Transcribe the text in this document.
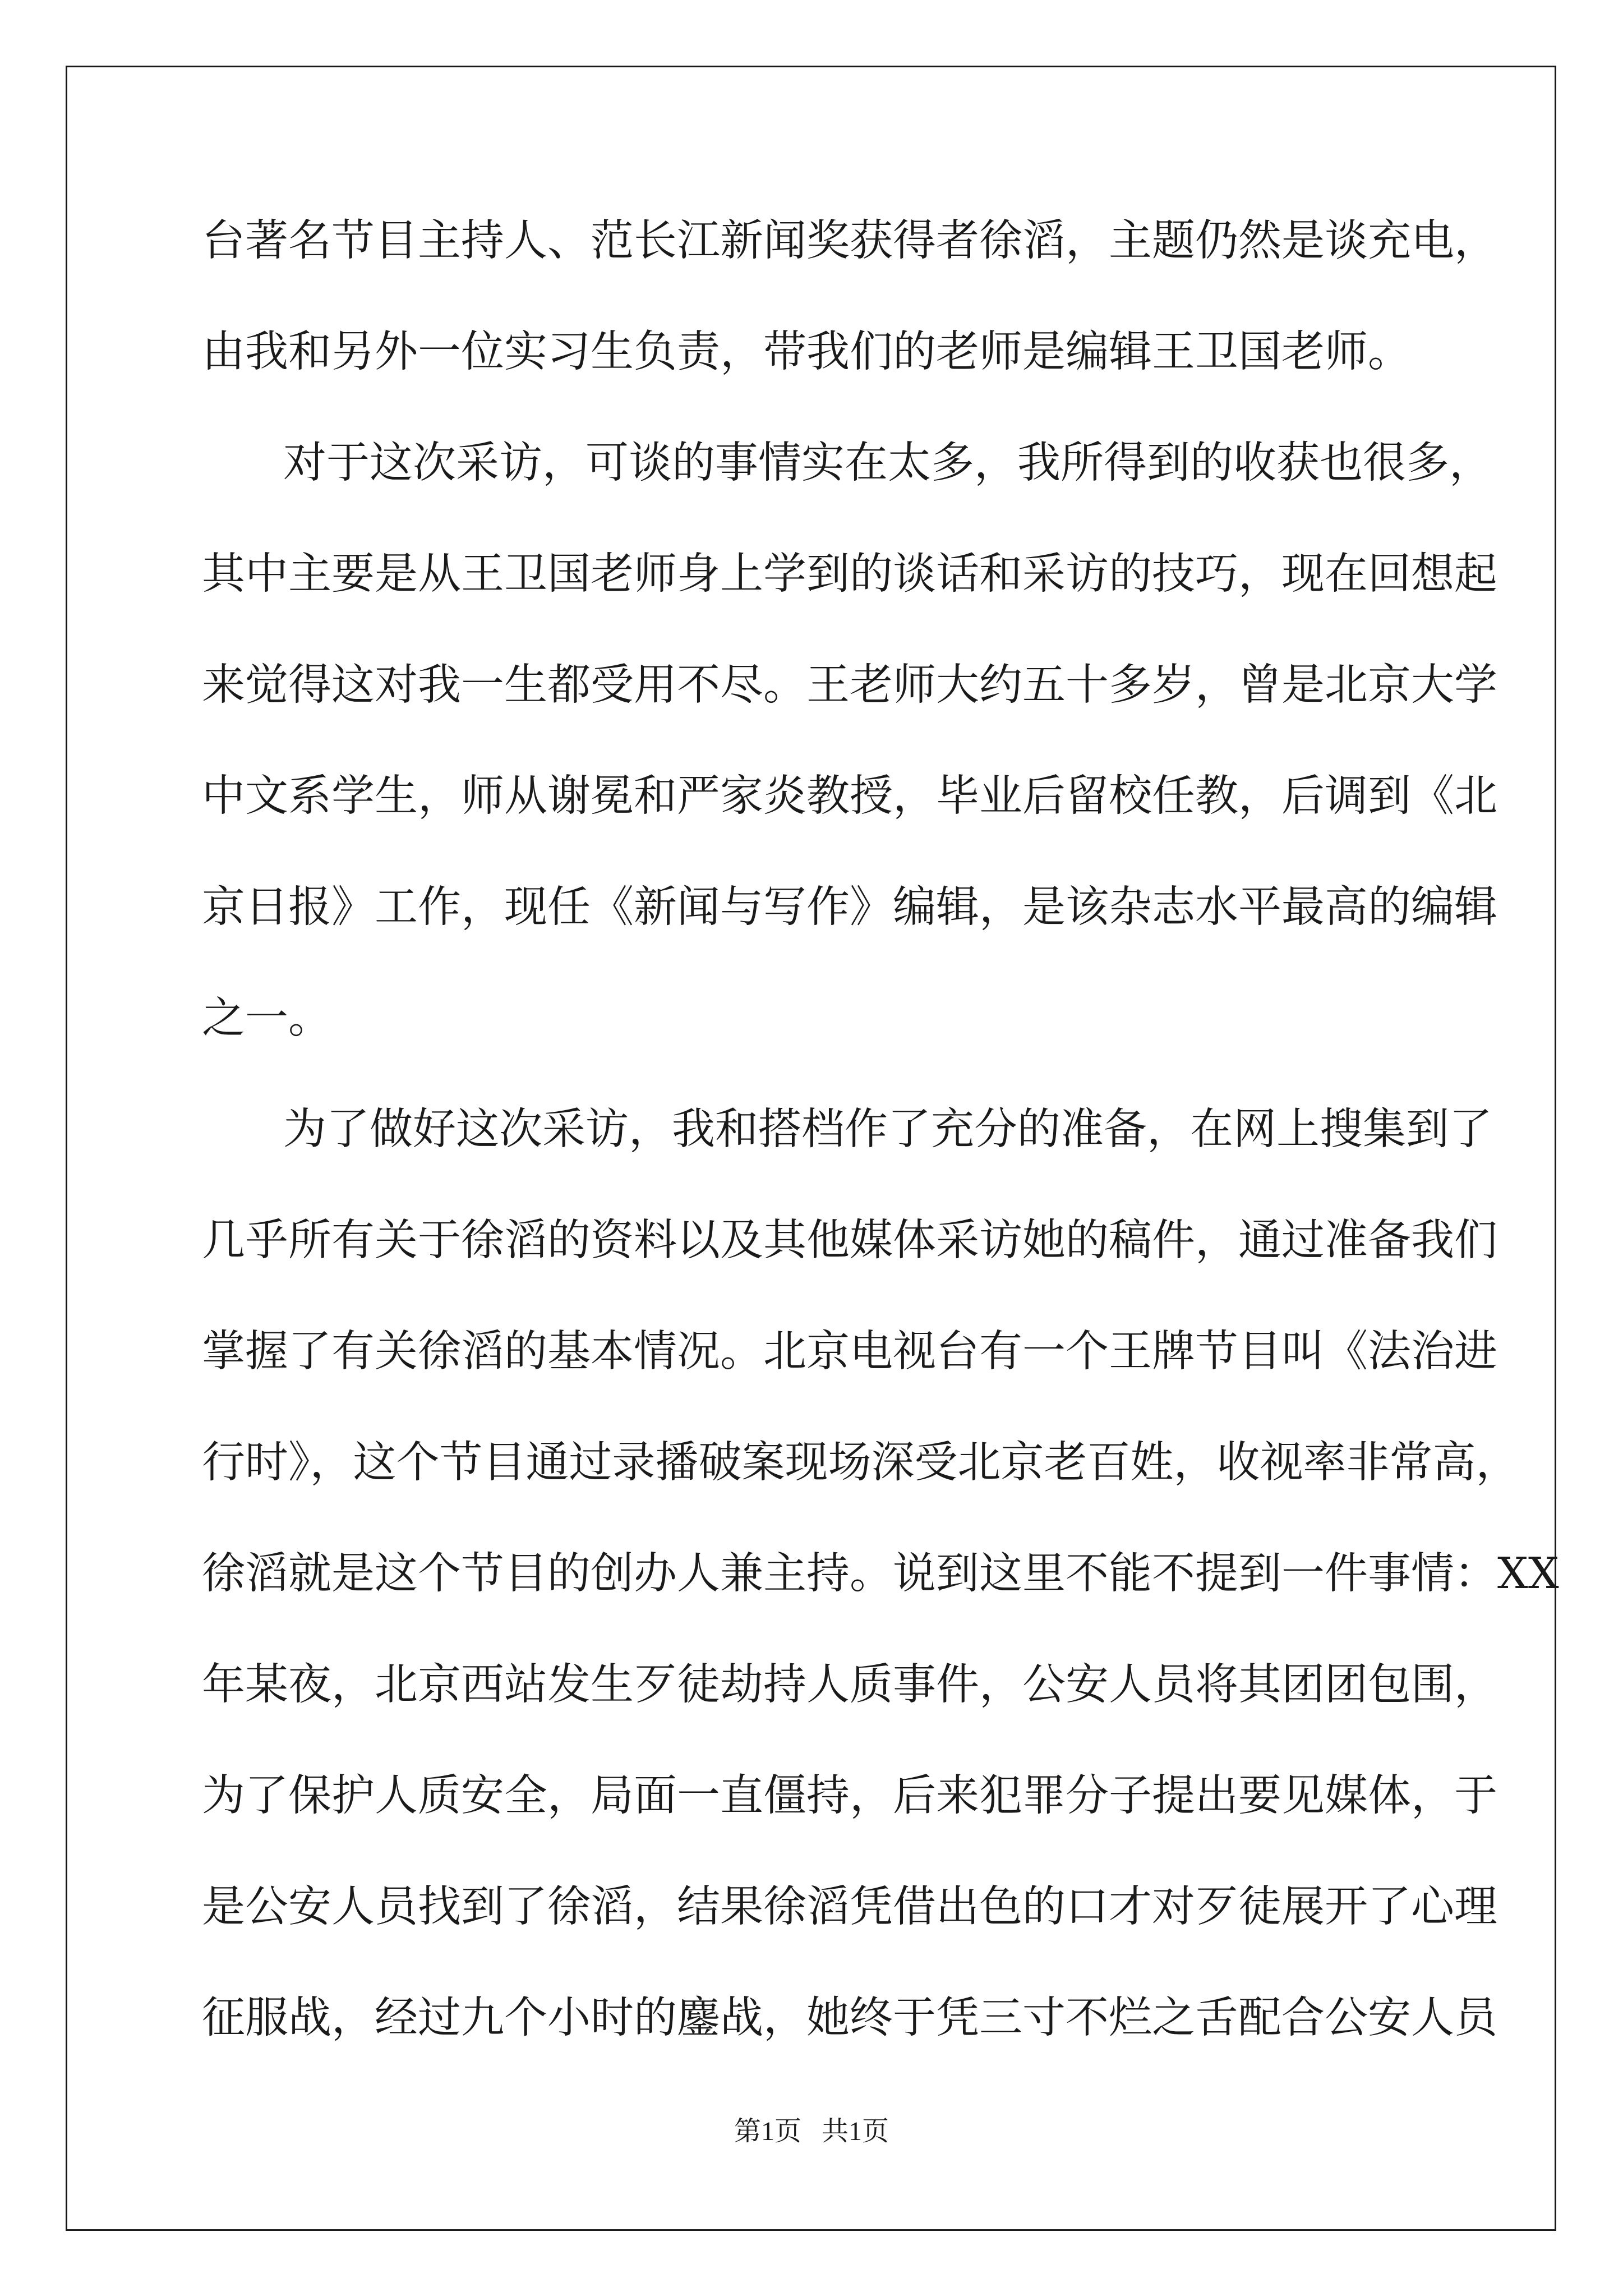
台著名节目主持人、范长江新闻奖获得者徐滔，主题仍然是谈充电，
由我和另外一位实习生负责，带我们的老师是编辑王卫国老师。
对于这次采访，可谈的事情实在太多，我所得到的收获也很多，
其中主要是从王卫国老师身上学到的谈话和采访的技巧，现在回想起
来觉得这对我一生都受用不尽。王老师大约五十多岁，曾是北京大学
中文系学生，师从谢冕和严家炎教授，毕业后留校任教，后调到《北
京日报》工作，现任《新闻与写作》编辑，是该杂志水平最高的编辑
之一。
为了做好这次采访，我和搭档作了充分的准备，在网上搜集到了
几乎所有关于徐滔的资料以及其他媒体采访她的稿件，通过准备我们
掌握了有关徐滔的基本情况。北京电视台有一个王牌节目叫《法治进
行时》，这个节目通过录播破案现场深受北京老百姓，收视率非常高，
徐滔就是这个节目的创办人兼主持。说到这里不能不提到一件事情：XX
年某夜，北京西站发生歹徒劫持人质事件，公安人员将其团团包围，
为了保护人质安全，局面一直僵持，后来犯罪分子提出要见媒体，于
是公安人员找到了徐滔，结果徐滔凭借出色的口才对歹徒展开了心理
征服战，经过九个小时的鏖战，她终于凭三寸不烂之舌配合公安人员
第1页   共1页
